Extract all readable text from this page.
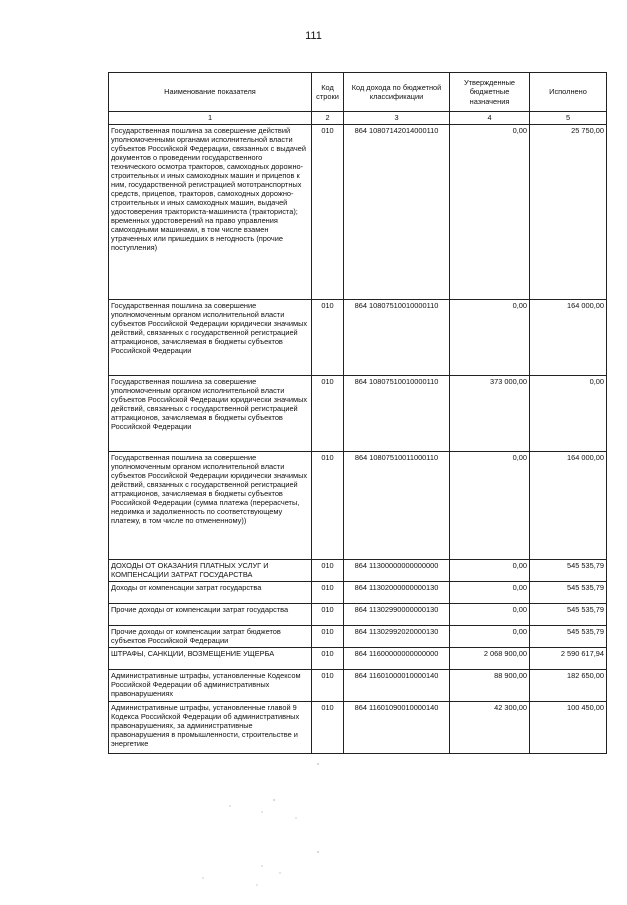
111
Наименование показателя	Код строки	Код дохода по бюджетной классификации	Утвержденные бюджетные назначения	Исполнено
1	2	3	4	5
Государственная пошлина за совершение действий уполномоченными органами исполнительной власти субъектов Российской Федерации, связанных с выдачей документов о проведении государственного технического осмотра тракторов, самоходных дорожно-строительных и иных самоходных машин и прицепов к ним, государственной регистрацией мототранспортных средств, прицепов, тракторов, самоходных дорожно-строительных и иных самоходных машин, выдачей удостоверения тракториста-машиниста (тракториста); временных удостоверений на право управления самоходными машинами, в том числе взамен утраченных или пришедших в негодность (прочие поступления)	010	864 10807142014000110	0,00	25 750,00
Государственная пошлина за совершение уполномоченным органом исполнительной власти субъектов Российской Федерации юридически значимых действий, связанных с государственной регистрацией аттракционов, зачисляемая в бюджеты субъектов Российской Федерации	010	864 10807510010000110	0,00	164 000,00
Государственная пошлина за совершение уполномоченным органом исполнительной власти субъектов Российской Федерации юридически значимых действий, связанных с государственной регистрацией аттракционов, зачисляемая в бюджеты субъектов Российской Федерации	010	864 10807510010000110	373 000,00	0,00
Государственная пошлина за совершение уполномоченным органом исполнительной власти субъектов Российской Федерации юридически значимых действий, связанных с государственной регистрацией аттракционов, зачисляемая в бюджеты субъектов Российской Федерации (сумма платежа (перерасчеты, недоимка и задолженность по соответствующему платежу, в том числе по отмененному))	010	864 10807510011000110	0,00	164 000,00
ДОХОДЫ ОТ ОКАЗАНИЯ ПЛАТНЫХ УСЛУГ И КОМПЕНСАЦИИ ЗАТРАТ ГОСУДАРСТВА	010	864 11300000000000000	0,00	545 535,79
Доходы от компенсации затрат государства	010	864 11302000000000130	0,00	545 535,79
Прочие доходы от компенсации затрат государства	010	864 11302990000000130	0,00	545 535,79
Прочие доходы от компенсации затрат бюджетов субъектов Российской Федерации	010	864 11302992020000130	0,00	545 535,79
ШТРАФЫ, САНКЦИИ, ВОЗМЕЩЕНИЕ УЩЕРБА	010	864 11600000000000000	2 068 900,00	2 590 617,94
Административные штрафы, установленные Кодексом Российской Федерации об административных правонарушениях	010	864 11601000010000140	88 900,00	182 650,00
Административные штрафы, установленные главой 9 Кодекса Российской Федерации об административных правонарушениях, за административные правонарушения в промышленности, строительстве и энергетике	010	864 11601090010000140	42 300,00	100 450,00
